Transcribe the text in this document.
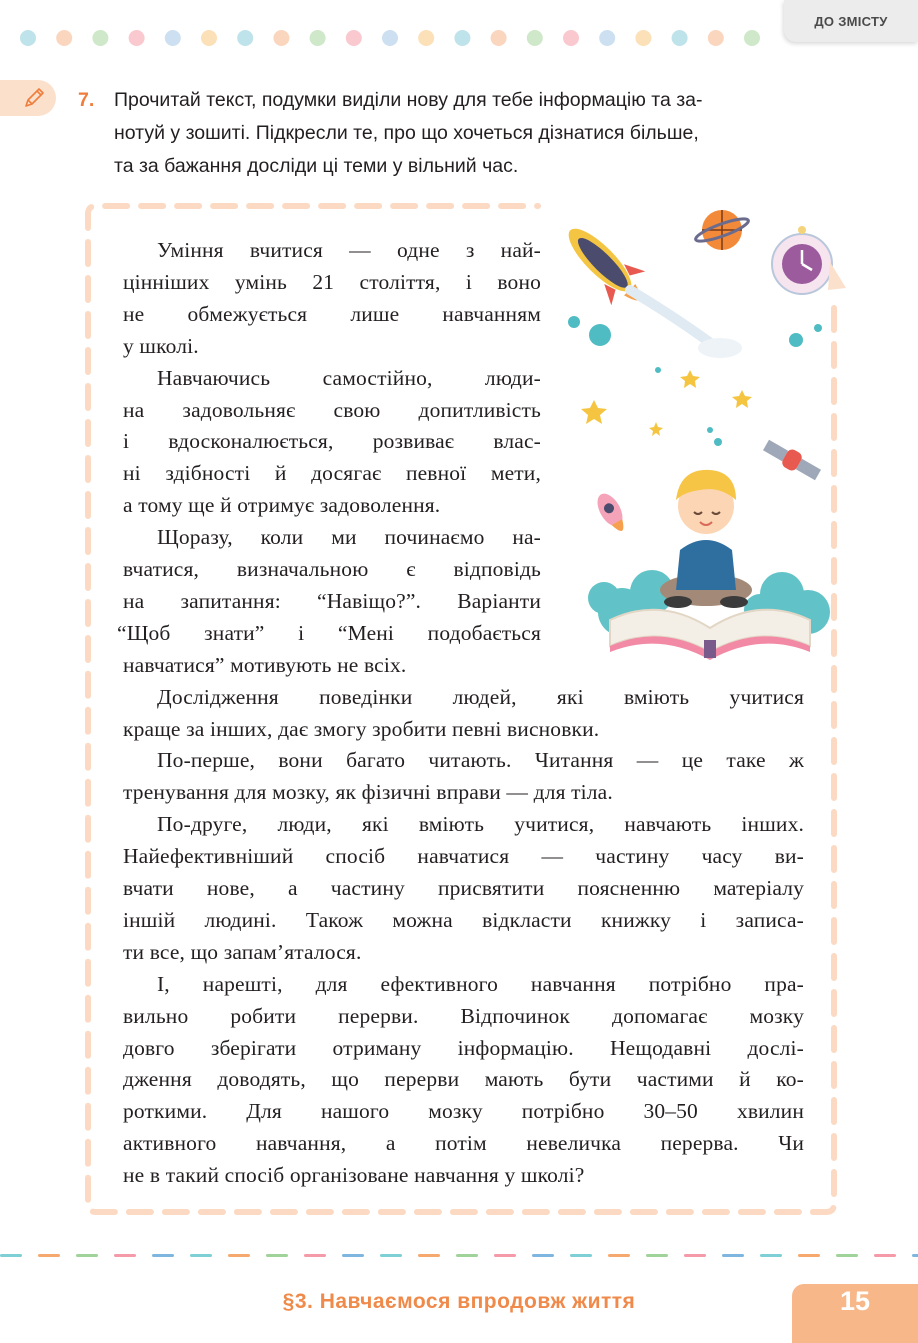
ДО ЗМІСТУ
7. Прочитай текст, подумки виділи нову для тебе інформацію та за-
нотуй у зошиті. Підкресли те, про що хочеться дізнатися більше,
та за бажання досліди ці теми у вільний час.
Уміння вчитися — одне з най-
цінніших умінь 21 століття, і воно
не обмежується лише навчанням
у школі.
Навчаючись самостійно, люди-
на задовольняє свою допитливість
і вдосконалюється, розвиває влас-
ні здібності й досягає певної мети,
а тому ще й отримує задоволення.
Щоразу, коли ми починаємо на-
вчатися, визначальною є відповідь
на запитання: “Навіщо?”. Варіанти
“Щоб знати” і “Мені подобається
навчатися” мотивують не всіх.
Дослідження поведінки людей, які вміють учитися
краще за інших, дає змогу зробити певні висновки.
По-перше, вони багато читають. Читання — це таке ж
тренування для мозку, як фізичні вправи — для тіла.
По-друге, люди, які вміють учитися, навчають інших.
Найефективніший спосіб навчатися — частину часу ви-
вчати нове, а частину присвятити поясненню матеріалу
іншій людині. Також можна відкласти книжку і записа-
ти все, що запам’яталося.
І, нарешті, для ефективного навчання потрібно пра-
вильно робити перерви. Відпочинок допомагає мозку
довго зберігати отриману інформацію. Нещодавні дослі-
дження доводять, що перерви мають бути частими й ко-
роткими. Для нашого мозку потрібно 30–50 хвилин
активного навчання, а потім невеличка перерва. Чи
не в такий спосіб організоване навчання у школі?
§3. Навчаємося впродовж життя	15
